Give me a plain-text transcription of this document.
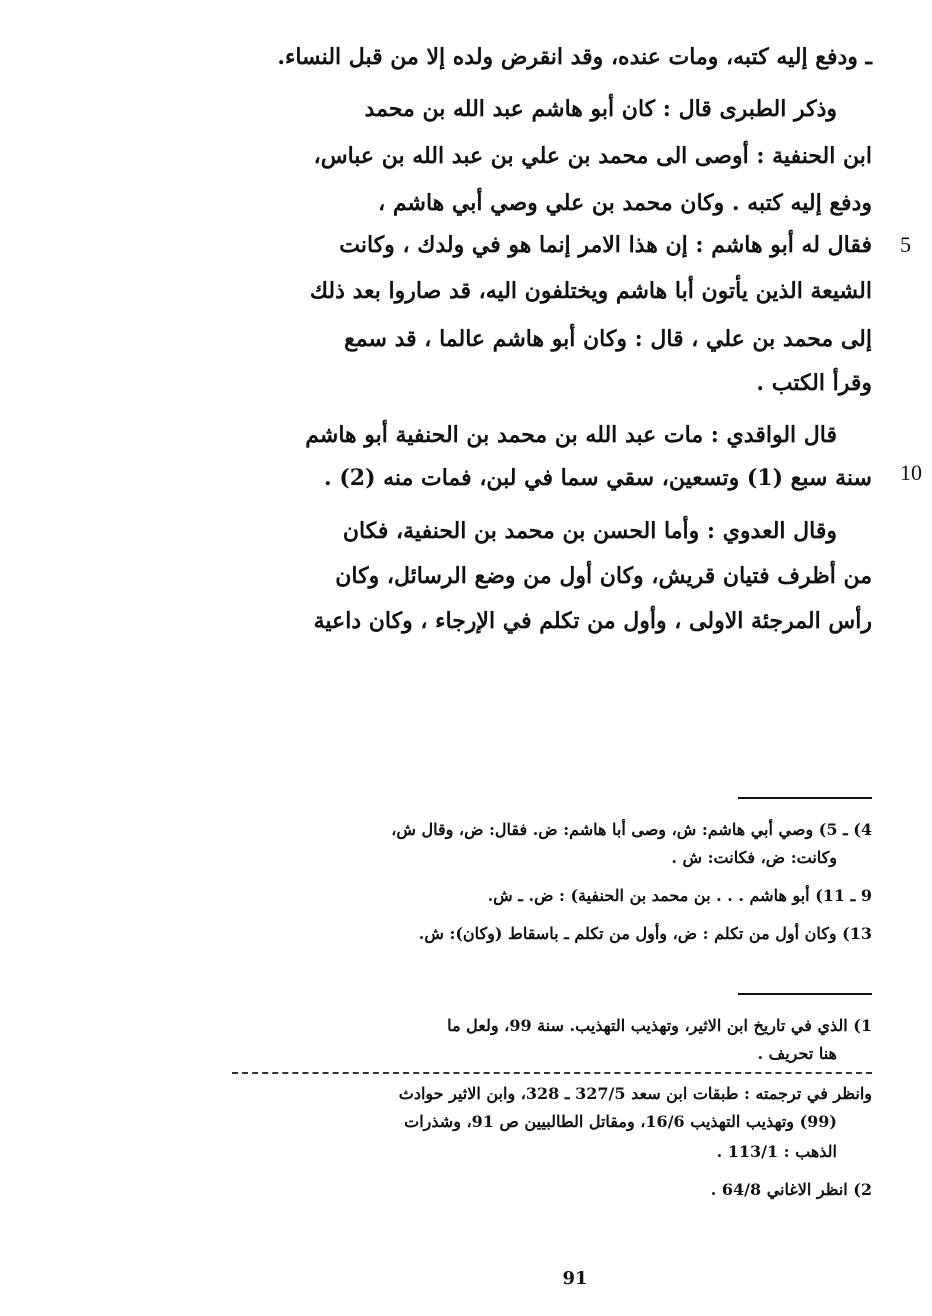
ـ ودفع إليه كتبه، ومات عنده، وقد انقرض ولده إلا من قبل النساء.
وذكر الطبرى قال : كان أبو هاشم عبد الله بن محمد
ابن الحنفية : أوصى الى محمد بن علي بن عبد الله بن عباس،
ودفع إليه كتبه . وكان محمد بن علي وصي أبي هاشم ،
فقال له أبو هاشم : إن هذا الامر إنما هو في ولدك ، وكانت
الشيعة الذين يأتون أبا هاشم ويختلفون اليه، قد صاروا بعد ذلك
إلى محمد بن علي ، قال : وكان أبو هاشم عالما ، قد سمع
وقرأ الكتب .
قال الواقدي : مات عبد الله بن محمد بن الحنفية أبو هاشم
سنة سبع (1) وتسعين، سقي سما في لبن، فمات منه (2) .
وقال العدوي : وأما الحسن بن محمد بن الحنفية، فكان
من أظرف فتيان قريش، وكان أول من وضع الرسائل، وكان
رأس المرجئة الاولى ، وأول من تكلم في الإرجاء ، وكان داعية
5
10
4) ـ 5) وصي أبي هاشم: ش، وصى أبا هاشم: ض. فقال: ض، وقال ش،
وكانت: ض، فكانت: ش .
9 ـ 11) أبو هاشم . . . بن محمد بن الحنفية) : ض. ـ ش.
13) وكان أول من تكلم : ض، وأول من تكلم ـ باسقاط (وكان): ش.
1) الذي في تاريخ ابن الاثير، وتهذيب التهذيب. سنة 99، ولعل ما
هنا تحريف .
وانظر في ترجمته : طبقات ابن سعد 327/5 ـ 328، وابن الاثير حوادث
(99) وتهذيب التهذيب 16/6، ومقاتل الطالبيين ص 91، وشذرات
الذهب : 113/1 .
2) انظر الاغاني 64/8 .
91
